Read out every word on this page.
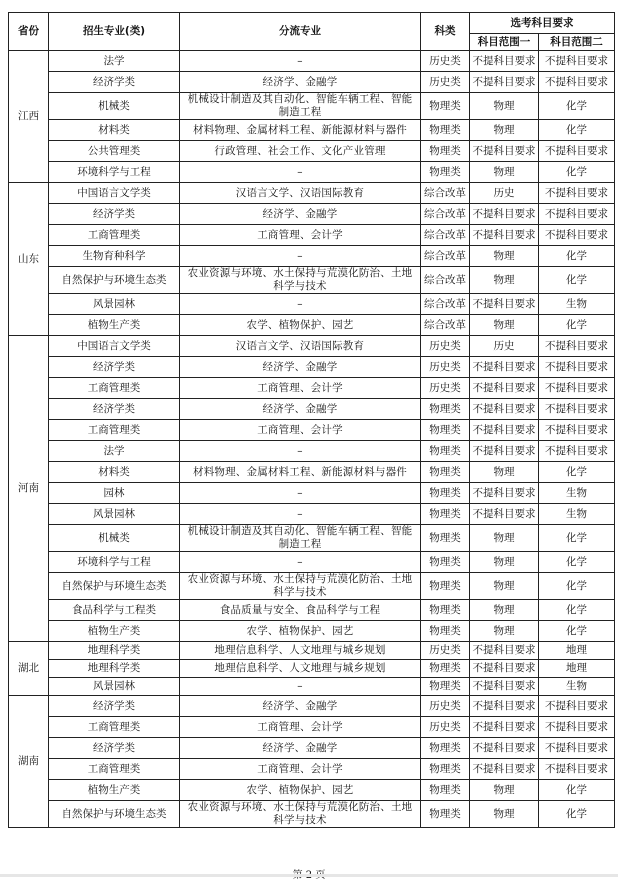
省份	招生专业(类)	分流专业	科类	选考科目要求	
				科目范围一	科目范围二
江西	法学	–	历史类	不提科目要求	不提科目要求
	经济学类	经济学、金融学	历史类	不提科目要求	不提科目要求
	机械类	机械设计制造及其自动化、智能车辆工程、智能制造工程	物理类	物理	化学
	材料类	材料物理、金属材料工程、新能源材料与器件	物理类	物理	化学
	公共管理类	行政管理、社会工作、文化产业管理	物理类	不提科目要求	不提科目要求
	环境科学与工程	–	物理类	物理	化学
山东	中国语言文学类	汉语言文学、汉语国际教育	综合改革	历史	不提科目要求
	经济学类	经济学、金融学	综合改革	不提科目要求	不提科目要求
	工商管理类	工商管理、会计学	综合改革	不提科目要求	不提科目要求
	生物育种科学	–	综合改革	物理	化学
	自然保护与环境生态类	农业资源与环境、水土保持与荒漠化防治、土地科学与技术	综合改革	物理	化学
	风景园林	–	综合改革	不提科目要求	生物
	植物生产类	农学、植物保护、园艺	综合改革	物理	化学
河南	中国语言文学类	汉语言文学、汉语国际教育	历史类	历史	不提科目要求
	经济学类	经济学、金融学	历史类	不提科目要求	不提科目要求
	工商管理类	工商管理、会计学	历史类	不提科目要求	不提科目要求
	经济学类	经济学、金融学	物理类	不提科目要求	不提科目要求
	工商管理类	工商管理、会计学	物理类	不提科目要求	不提科目要求
	法学	–	物理类	不提科目要求	不提科目要求
	材料类	材料物理、金属材料工程、新能源材料与器件	物理类	物理	化学
	园林	–	物理类	不提科目要求	生物
	风景园林	–	物理类	不提科目要求	生物
	机械类	机械设计制造及其自动化、智能车辆工程、智能制造工程	物理类	物理	化学
	环境科学与工程	–	物理类	物理	化学
	自然保护与环境生态类	农业资源与环境、水土保持与荒漠化防治、土地科学与技术	物理类	物理	化学
	食品科学与工程类	食品质量与安全、食品科学与工程	物理类	物理	化学
	植物生产类	农学、植物保护、园艺	物理类	物理	化学
湖北	地理科学类	地理信息科学、人文地理与城乡规划	历史类	不提科目要求	地理
	地理科学类	地理信息科学、人文地理与城乡规划	物理类	不提科目要求	地理
	风景园林	–	物理类	不提科目要求	生物
湖南	经济学类	经济学、金融学	历史类	不提科目要求	不提科目要求
	工商管理类	工商管理、会计学	历史类	不提科目要求	不提科目要求
	经济学类	经济学、金融学	物理类	不提科目要求	不提科目要求
	工商管理类	工商管理、会计学	物理类	不提科目要求	不提科目要求
	植物生产类	农学、植物保护、园艺	物理类	物理	化学
	自然保护与环境生态类	农业资源与环境、水土保持与荒漠化防治、土地科学与技术	物理类	物理	化学
